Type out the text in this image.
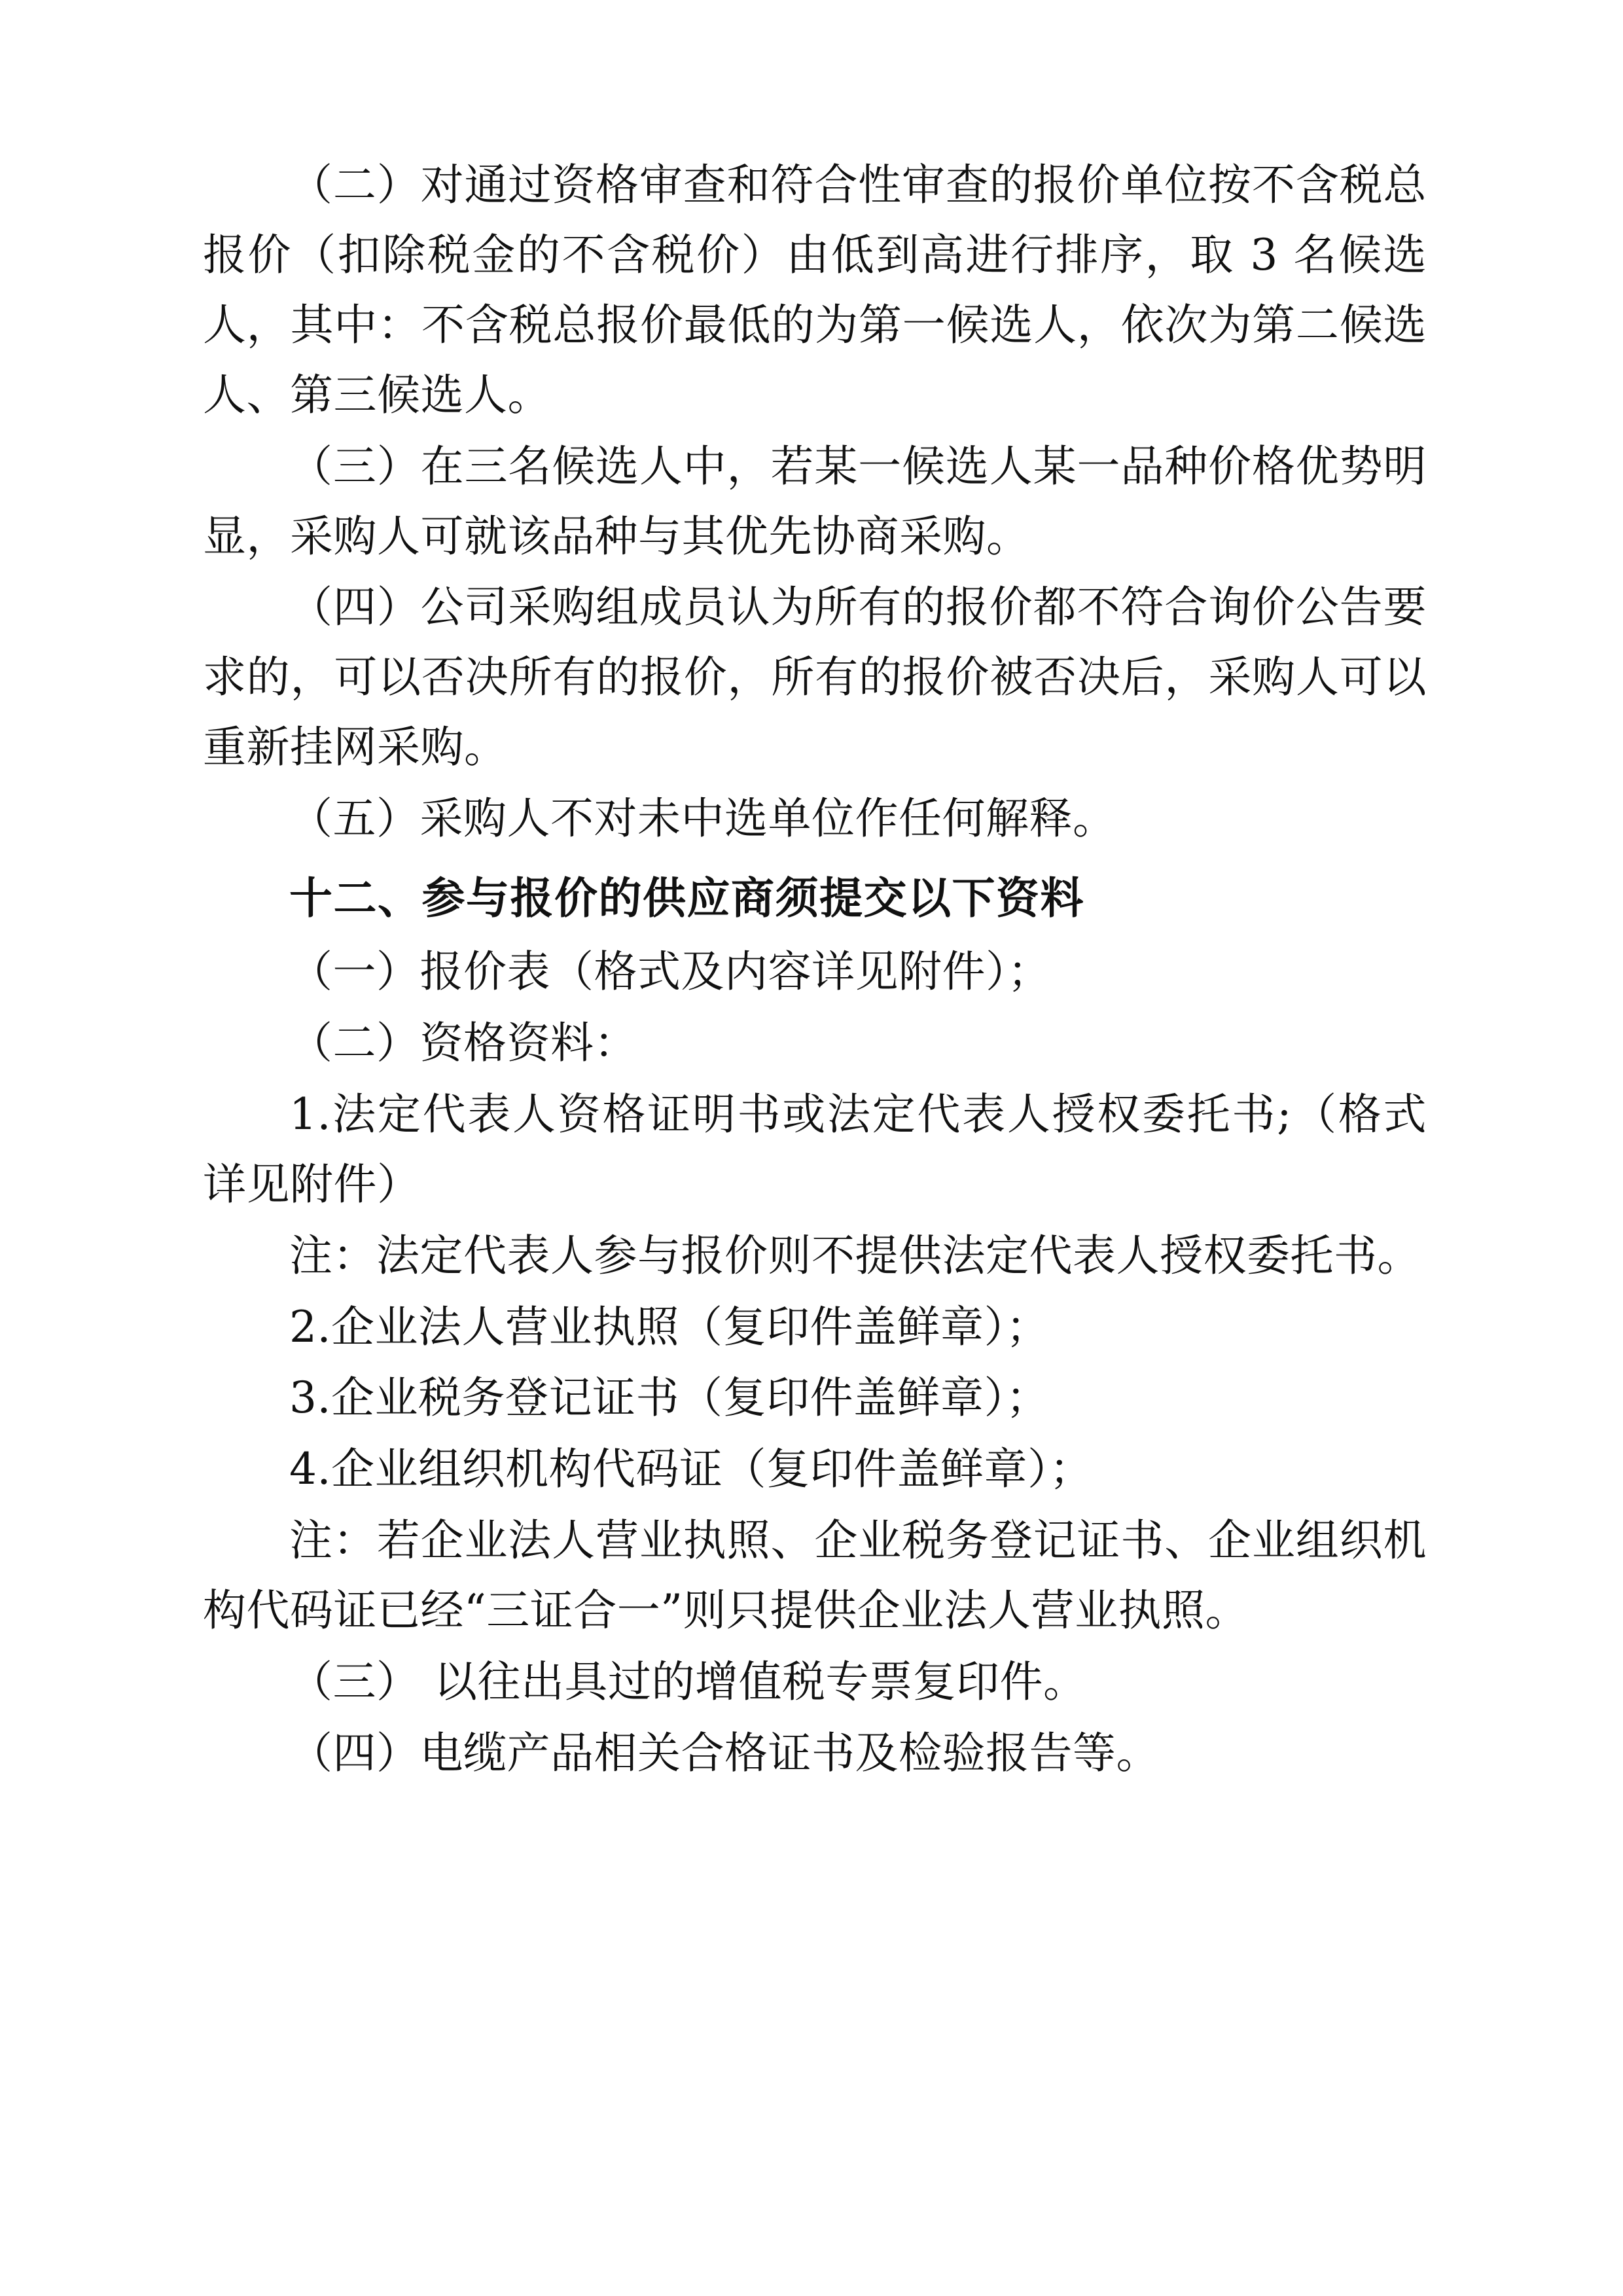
（二）对通过资格审查和符合性审查的报价单位按不含税总报价（扣除税金的不含税价）由低到高进行排序，取 3 名候选人，其中：不含税总报价最低的为第一候选人，依次为第二候选人、第三候选人。

（三）在三名候选人中，若某一候选人某一品种价格优势明显，采购人可就该品种与其优先协商采购。

（四）公司采购组成员认为所有的报价都不符合询价公告要求的，可以否决所有的报价，所有的报价被否决后，采购人可以重新挂网采购。

（五）采购人不对未中选单位作任何解释。

十二、参与报价的供应商须提交以下资料

（一）报价表（格式及内容详见附件）；

（二）资格资料：

1.法定代表人资格证明书或法定代表人授权委托书;（格式详见附件）

注：法定代表人参与报价则不提供法定代表人授权委托书。

2.企业法人营业执照（复印件盖鲜章）；

3.企业税务登记证书（复印件盖鲜章）；

4.企业组织机构代码证（复印件盖鲜章）；

注：若企业法人营业执照、企业税务登记证书、企业组织机构代码证已经“三证合一”则只提供企业法人营业执照。

（三） 以往出具过的增值税专票复印件。

（四）电缆产品相关合格证书及检验报告等。
